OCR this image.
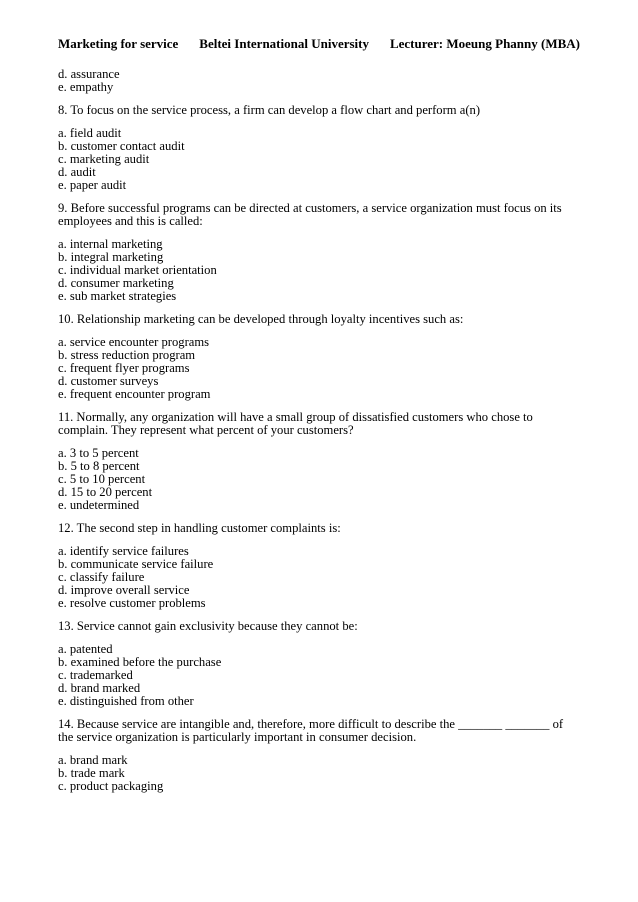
Marketing for service Beltei International University Lecturer: Moeung Phanny (MBA)
d. assurance
e. empathy
8. To focus on the service process, a firm can develop a flow chart and perform a(n)
a. field audit
b. customer contact audit
c. marketing audit
d. audit
e. paper audit
9. Before successful programs can be directed at customers, a service organization must focus on its employees and this is called:
a. internal marketing
b. integral marketing
c. individual market orientation
d. consumer marketing
e. sub market strategies
10. Relationship marketing can be developed through loyalty incentives such as:
a. service encounter programs
b. stress reduction program
c. frequent flyer programs
d. customer surveys
e. frequent encounter program
11. Normally, any organization will have a small group of dissatisfied customers who chose to complain. They represent what percent of your customers?
a. 3 to 5 percent
b. 5 to 8 percent
c. 5 to 10 percent
d. 15 to 20 percent
e. undetermined
12. The second step in handling customer complaints is:
a. identify service failures
b. communicate service failure
c. classify failure
d. improve overall service
e. resolve customer problems
13. Service cannot gain exclusivity because they cannot be:
a. patented
b. examined before the purchase
c. trademarked
d. brand marked
e. distinguished from other
14. Because service are intangible and, therefore, more difficult to describe the _______ _______ of the service organization is particularly important in consumer decision.
a. brand mark
b. trade mark
c. product packaging
